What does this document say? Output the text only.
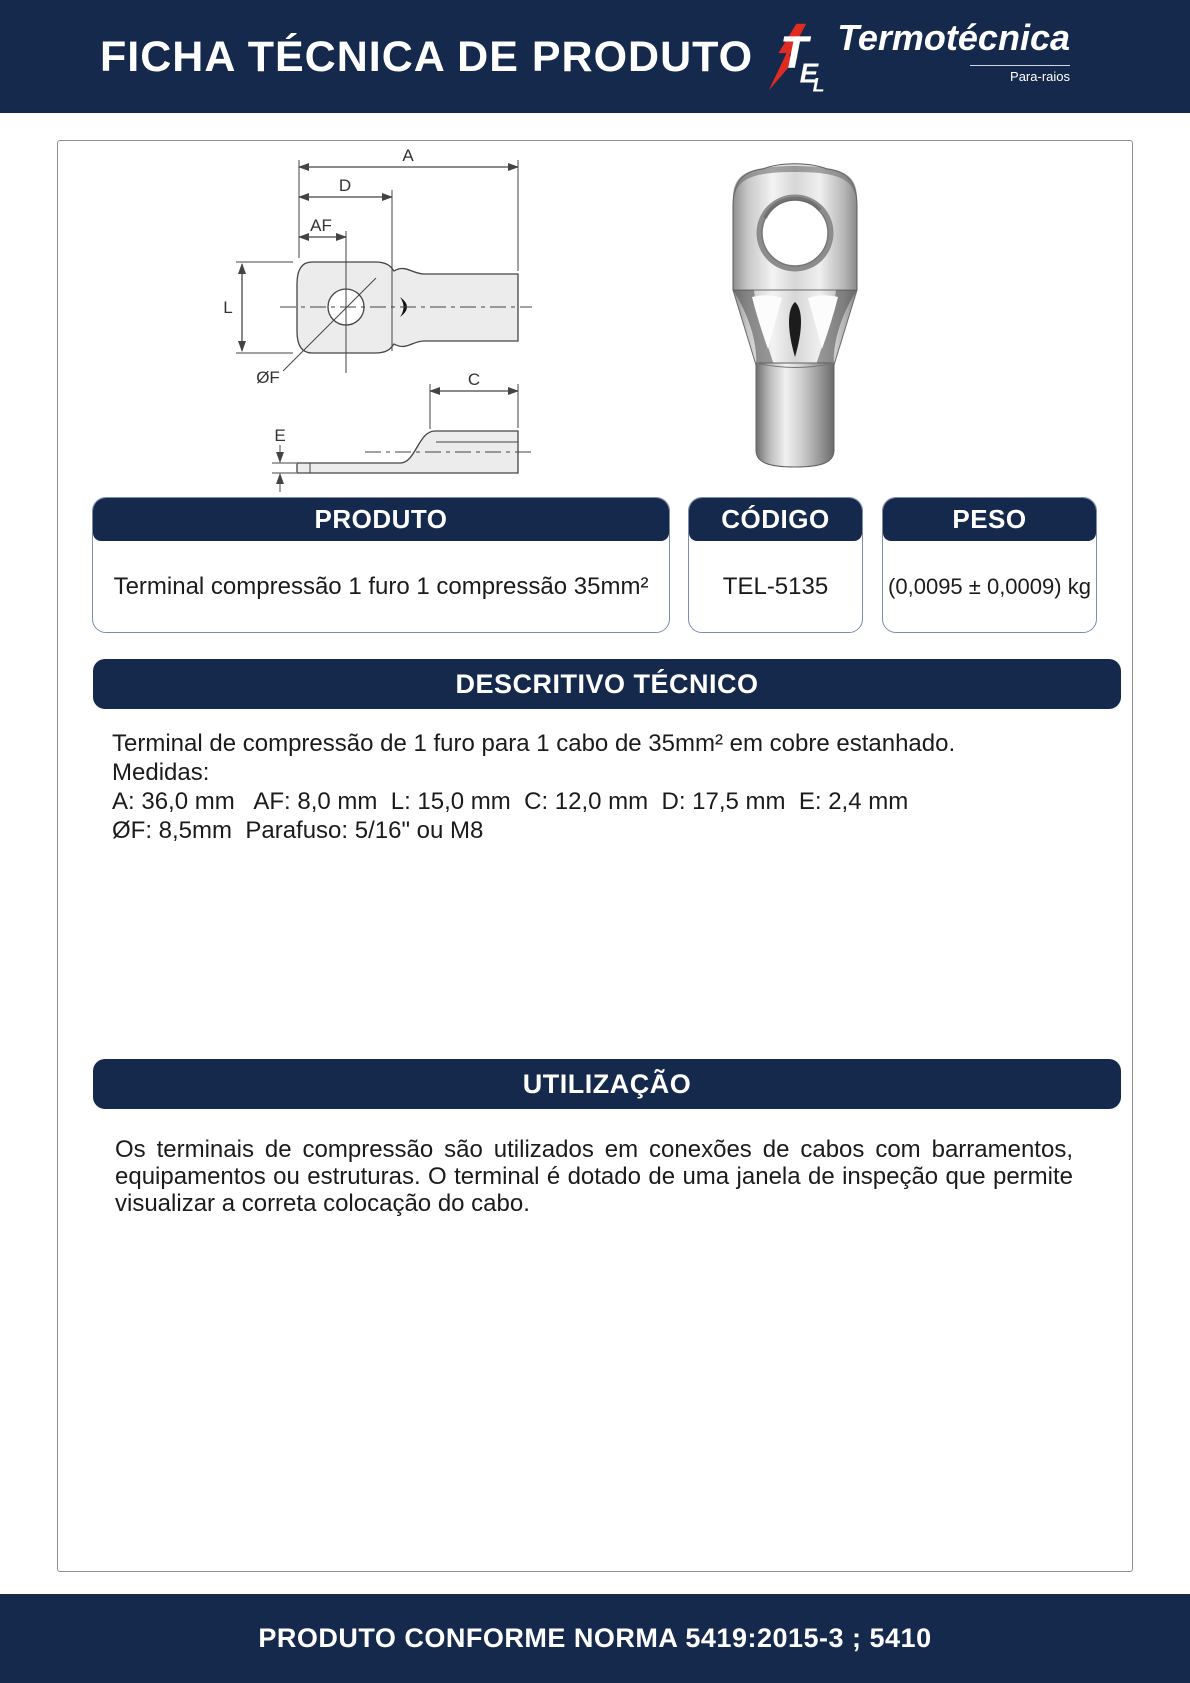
FICHA TÉCNICA DE PRODUTO T
E
L
Termotécnica
Para-raios
A
D
AF
L
ØF	C
E
PRODUTO
Terminal compressão 1 furo 1 compressão 35mm²
CÓDIGO
TEL-5135
PESO
(0,0095 ± 0,0009) kg
DESCRITIVO TÉCNICO
Terminal de compressão de 1 furo para 1 cabo de 35mm² em cobre estanhado.
Medidas:
A: 36,0 mm   AF: 8,0 mm  L: 15,0 mm  C: 12,0 mm  D: 17,5 mm  E: 2,4 mm
ØF: 8,5mm  Parafuso: 5/16" ou M8
UTILIZAÇÃO
Os terminais de compressão são utilizados em conexões de cabos com barramentos,
equipamentos ou estruturas. O terminal é dotado de uma janela de inspeção que permite
visualizar a correta colocação do cabo.
PRODUTO CONFORME NORMA 5419:2015-3 ; 5410
